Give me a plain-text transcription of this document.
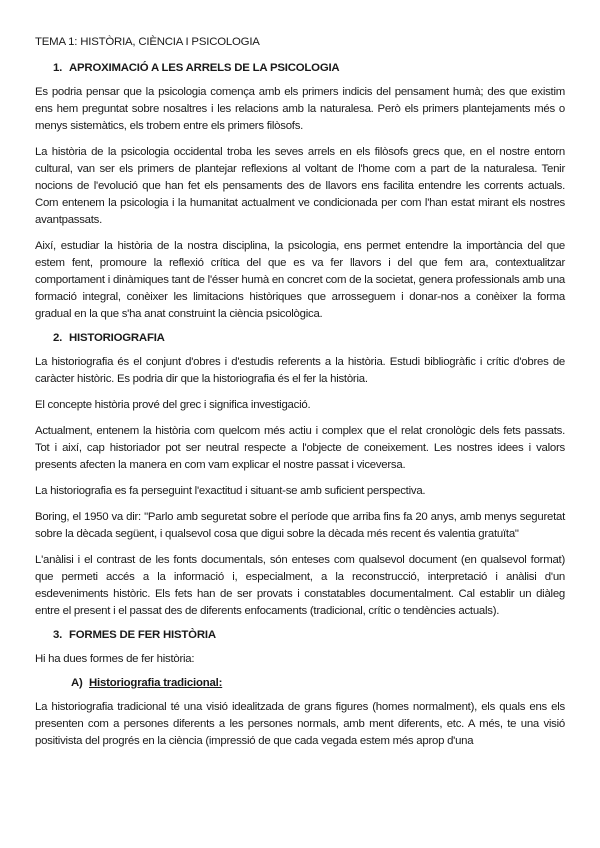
TEMA 1: HISTÒRIA, CIÈNCIA I PSICOLOGIA
1. APROXIMACIÓ A LES ARRELS DE LA PSICOLOGIA

Es podria pensar que la psicologia comença amb els primers indicis del pensament humà; des que existim ens hem preguntat sobre nosaltres i les relacions amb la naturalesa. Però els primers plantejaments més o menys sistemàtics, els trobem entre els primers filòsofs.

La història de la psicologia occidental troba les seves arrels en els filòsofs grecs que, en el nostre entorn cultural, van ser els primers de plantejar reflexions al voltant de l'home com a part de la naturalesa. Tenir nocions de l'evolució que han fet els pensaments des de llavors ens facilita entendre les corrents actuals. Com entenem la psicologia i la humanitat actualment ve condicionada per com l'han estat mirant els nostres avantpassats.

Així, estudiar la història de la nostra disciplina, la psicologia, ens permet entendre la importància del que estem fent, promoure la reflexió crítica del que es va fer llavors i del que fem ara, contextualitzar comportament i dinàmiques tant de l'ésser humà en concret com de la societat, genera professionals amb una formació integral, conèixer les limitacions històriques que arrosseguem i donar-nos a conèixer la forma gradual en la que s'ha anat construint la ciència psicològica.

2. HISTORIOGRAFIA

La historiografia és el conjunt d'obres i d'estudis referents a la història. Estudi bibliogràfic i crític d'obres de caràcter històric. Es podria dir que la historiografia és el fer la història.

El concepte història prové del grec i significa investigació.

Actualment, entenem la història com quelcom més actiu i complex que el relat cronològic dels fets passats. Tot i així, cap historiador pot ser neutral respecte a l'objecte de coneixement. Les nostres idees i valors presents afecten la manera en com vam explicar el nostre passat i viceversa.

La historiografia es fa perseguint l'exactitud i situant-se amb suficient perspectiva.

Boring, el 1950 va dir: "Parlo amb seguretat sobre el període que arriba fins fa 20 anys, amb menys seguretat sobre la dècada següent, i qualsevol cosa que digui sobre la dècada més recent és valentia gratuïta"

L'anàlisi i el contrast de les fonts documentals, són enteses com qualsevol document (en qualsevol format) que permeti accés a la informació i, especialment, a la reconstrucció, interpretació i anàlisi d'un esdeveniments històric. Els fets han de ser provats i constatables documentalment. Cal establir un diàleg entre el present i el passat des de diferents enfocaments (tradicional, crític o tendències actuals).

3. FORMES DE FER HISTÒRIA

Hi ha dues formes de fer història:

A) Historiografia tradicional:

La historiografia tradicional té una visió idealitzada de grans figures (homes normalment), els quals ens els presenten com a persones diferents a les persones normals, amb ment diferents, etc. A més, te una visió positivista del progrés en la ciència (impressió de que cada vegada estem més aprop d'una
